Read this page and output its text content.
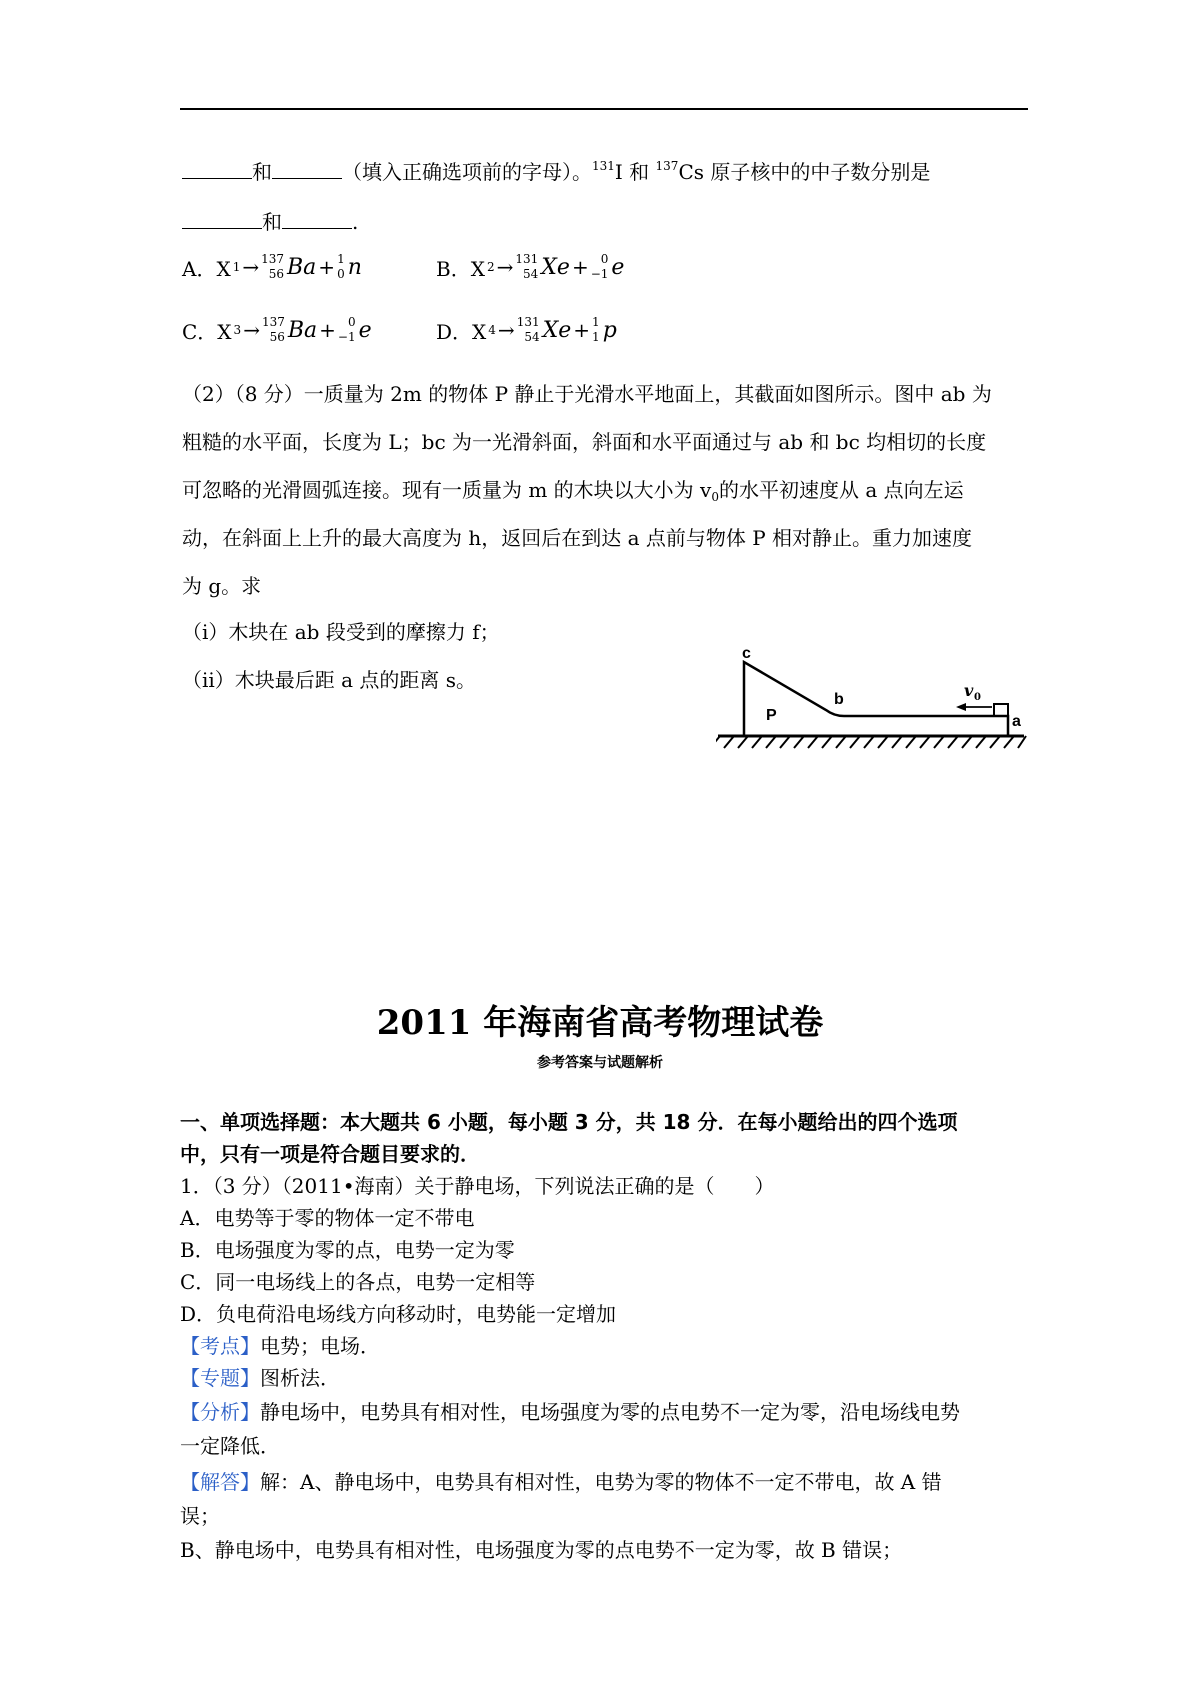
和	（填入正确选项前的字母）。$^{131}$I 和 $^{137}$Cs 原子核中的中子数分别是
和	.
A．X 1 → 137
56 Ba + 1
0 n	B．X 2 → 131
54 Xe + 0
−1 e
C．X 3 → 137
56 Ba + 0
−1 e	D．X 4 → 131
54 Xe + 1
1 p
（2）（8 分）一质量为 2m 的物体 P 静止于光滑水平地面上，其截面如图所示。图中 ab 为
粗糙的水平面，长度为 L；bc 为一光滑斜面，斜面和水平面通过与 ab 和 bc 均相切的长度
可忽略的光滑圆弧连接。现有一质量为 m 的木块以大小为 $v_0$的水平初速度从 a 点向左运
动，在斜面上上升的最大高度为 h，返回后在到达 a 点前与物体 P 相对静止。重力加速度
为 g。求
（i）木块在 ab 段受到的摩擦力 f；
（ii）木块最后距 a 点的距离 s。
c
b
P	a
v 0
2011 年海南省高考物理试卷
参考答案与试题解析
一、单项选择题：本大题共 6 小题，每小题 3 分，共 18 分．在每小题给出的四个选项
中，只有一项是符合题目要求的．
1．（3 分）（2011•海南）关于静电场，下列说法正确的是（　　）
A．电势等于零的物体一定不带电
B．电场强度为零的点，电势一定为零
C．同一电场线上的各点，电势一定相等
D．负电荷沿电场线方向移动时，电势能一定增加
【考点】电势；电场．
【专题】图析法．
【分析】静电场中，电势具有相对性，电场强度为零的点电势不一定为零，沿电场线电势
一定降低．
【解答】解：A、静电场中，电势具有相对性，电势为零的物体不一定不带电，故 A 错
误；
B、静电场中，电势具有相对性，电场强度为零的点电势不一定为零，故 B 错误；
